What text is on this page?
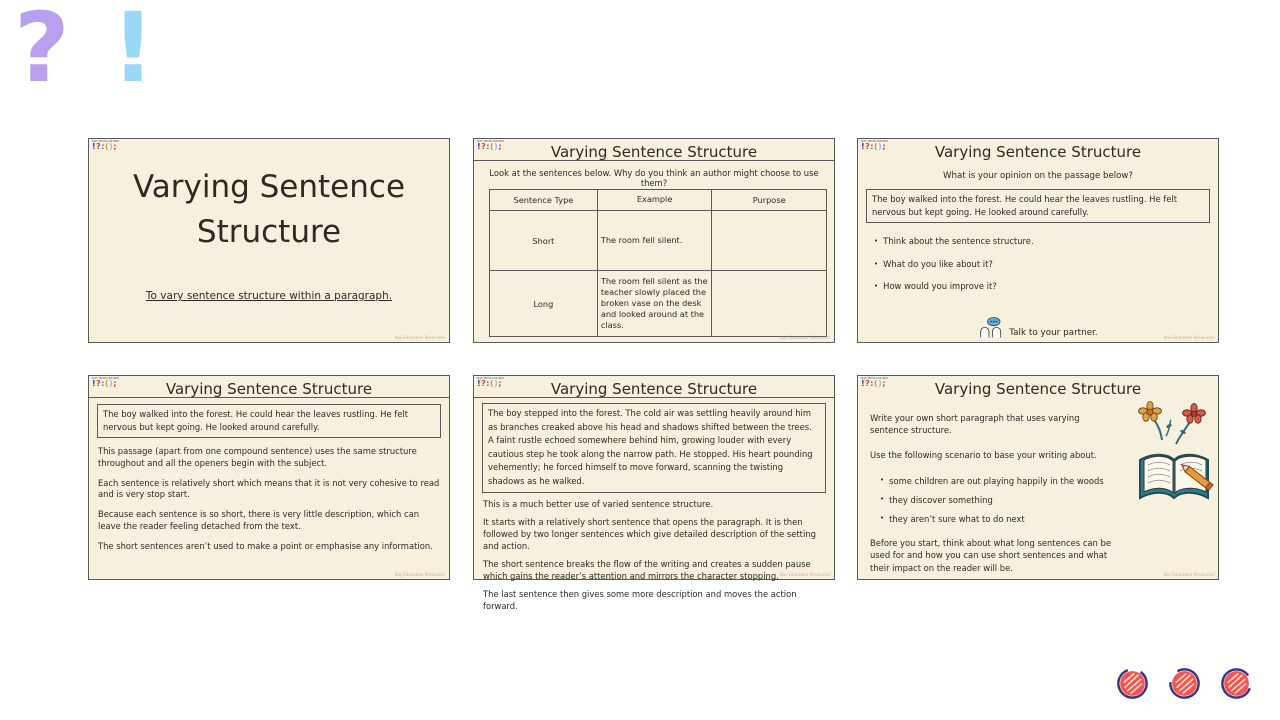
? !
KAY EDUCATION
!?:();
Varying Sentence Structure
To vary sentence structure within a paragraph.
Kay Education Resources
KAY EDUCATION
!?:();	Varying Sentence Structure
Look at the sentences below. Why do you think an author might choose to use them?
Sentence Type	Example	Purpose
Short	The room fell silent.	
Long	The room fell silent as the teacher slowly placed the broken vase on the desk and looked around at the class.	
Kay Education Resources
KAY EDUCATION
!?:();	Varying Sentence Structure
What is your opinion on the passage below?
The boy walked into the forest. He could hear the leaves rustling. He felt nervous but kept going. He looked around carefully.
• Think about the sentence structure.
• What do you like about it?
• How would you improve it?
Talk to your partner.	Kay Education Resources
KAY EDUCATION
!?:();	Varying Sentence Structure
The boy walked into the forest. He could hear the leaves rustling. He felt nervous but kept going. He looked around carefully.

This passage (apart from one compound sentence) uses the same structure throughout and all the openers begin with the subject.

Each sentence is relatively short which means that it is not very cohesive to read and is very stop start.

Because each sentence is so short, there is very little description, which can leave the reader feeling detached from the text.

The short sentences aren’t used to make a point or emphasise any information.

Kay Education Resources
KAY EDUCATION
!?:();	Varying Sentence Structure
The boy stepped into the forest. The cold air was settling heavily around him as branches creaked above his head and shadows shifted between the trees. A faint rustle echoed somewhere behind him, growing louder with every cautious step he took along the narrow path. He stopped. His heart pounding vehemently; he forced himself to move forward, scanning the twisting shadows as he walked.

This is a much better use of varied sentence structure.

It starts with a relatively short sentence that opens the paragraph. It is then followed by two longer sentences which give detailed description of the setting and action.

The short sentence breaks the flow of the writing and creates a sudden pause which gains the reader’s attention and mirrors the character stopping.

The last sentence then gives some more description and moves the action forward.

Kay Education Resources
KAY EDUCATION
!?:();	Varying Sentence Structure

Write your own short paragraph that uses varying sentence structure.

Use the following scenario to base your writing about.

• some children are out playing happily in the woods
• they discover something
• they aren’t sure what to do next
Before you start, think about what long sentences can be used for and how you can use short sentences and what their impact on the reader will be.
Kay Education Resources
